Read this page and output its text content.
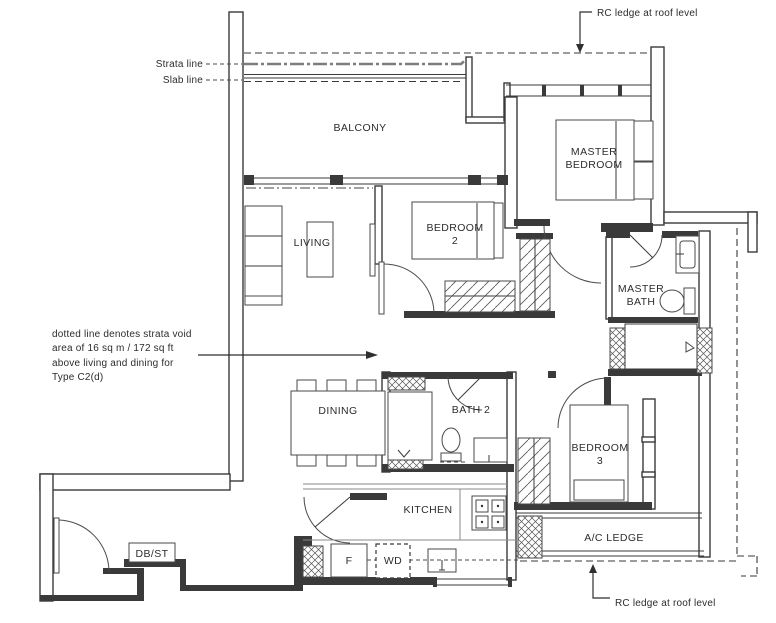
BALCONY
MASTER
BEDROOM
LIVING
BEDROOM
2
MASTER
BATH
DINING	BATH 2
BEDROOM
3
KITCHEN
A/C LEDGE
DB/ST
F	WD
Strata line
Slab line
RC ledge at roof level
RC ledge at roof level
dotted line denotes strata void
area of 16 sq m / 172 sq ft
above living and dining for
Type C2(d)
